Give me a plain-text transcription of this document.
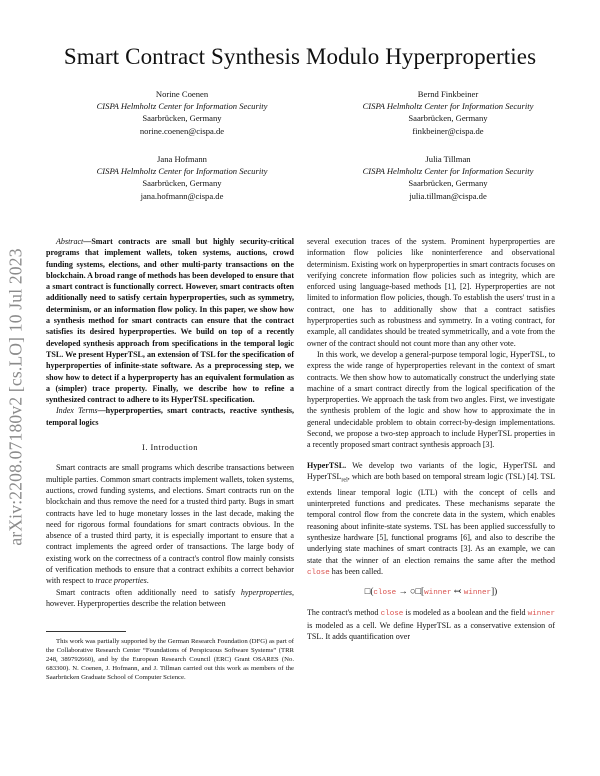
Smart Contract Synthesis Modulo Hyperproperties
Norine Coenen
CISPA Helmholtz Center for Information Security
Saarbrücken, Germany
norine.coenen@cispa.de
Bernd Finkbeiner
CISPA Helmholtz Center for Information Security
Saarbrücken, Germany
finkbeiner@cispa.de
Jana Hofmann
CISPA Helmholtz Center for Information Security
Saarbrücken, Germany
jana.hofmann@cispa.de
Julia Tillman
CISPA Helmholtz Center for Information Security
Saarbrücken, Germany
julia.tillman@cispa.de
arXiv:2208.07180v2 [cs.LO] 10 Jul 2023

Abstract—Smart contracts are small but highly security-critical programs that implement wallets, token systems, auctions, crowd funding systems, elections, and other multi-party transactions on the blockchain. A broad range of methods has been developed to ensure that a smart contract is functionally correct. However, smart contracts often additionally need to satisfy certain hyperproperties, such as symmetry, determinism, or an information flow policy. In this paper, we show how a synthesis method for smart contracts can ensure that the contract satisfies its desired hyperproperties. We build on top of a recently developed synthesis approach from specifications in the temporal logic TSL. We present HyperTSL, an extension of TSL for the specification of hyperproperties of infinite-state software. As a preprocessing step, we show how to detect if a hyperproperty has an equivalent formulation as a (simpler) trace property. Finally, we describe how to refine a synthesized contract to adhere to its HyperTSL specification.

Index Terms—hyperproperties, smart contracts, reactive synthesis, temporal logics

I. Introduction

Smart contracts are small programs which describe transactions between multiple parties. Common smart contracts implement wallets, token systems, auctions, crowd funding systems, and elections. Smart contracts run on the blockchain and thus remove the need for a trusted third party. Bugs in smart contracts have led to huge monetary losses in the last decade, making the need for rigorous formal foundations for smart contracts obvious. In the absence of a trusted third party, it is especially important to ensure that a contract implements the agreed order of transactions. The large body of existing work on the correctness of a contract's control flow mainly consists of verification methods to ensure that a contract exhibits a correct behavior with respect to trace properties.

Smart contracts often additionally need to satisfy hyperproperties, however. Hyperproperties describe the relation between

This work was partially supported by the German Research Foundation (DFG) as part of the Collaborative Research Center “Foundations of Perspicuous Software Systems” (TRR 248, 389792660), and by the European Research Council (ERC) Grant OSARES (No. 683300). N. Coenen, J. Hofmann, and J. Tillman carried out this work as members of the Saarbrücken Graduate School of Computer Science.

several execution traces of the system. Prominent hyperproperties are information flow policies like noninterference and observational determinism. Existing work on hyperproperties in smart contracts focuses on verifying concrete information flow policies such as integrity, which are enforced using language-based methods [1], [2]. Hyperproperties are not limited to information flow policies, though. To establish the users' trust in a contract, one has to additionally show that a contract satisfies hyperproperties such as robustness and symmetry. In a voting contract, for example, all candidates should be treated symmetrically, and a vote from the owner of the contract should not count more than any other vote.

In this work, we develop a general-purpose temporal logic, HyperTSL, to express the wide range of hyperproperties relevant in the context of smart contracts. We then show how to automatically construct the underlying state machine of a smart contract directly from the logical specification of the hyperproperties. We approach the task from two angles. First, we investigate the synthesis problem of the logic and show how to approximate the in general undecidable problem to obtain correct-by-design implementations. Second, we propose a two-step approach to include HyperTSL properties in a recently proposed smart contract synthesis approach [3].

HyperTSL. We develop two variants of the logic, HyperTSL and HyperTSL$_{rel}$, which are both based on temporal stream logic (TSL) [4]. TSL extends linear temporal logic (LTL) with the concept of cells and uninterpreted functions and predicates. These mechanisms separate the temporal control flow from the concrete data in the system, which enables reasoning about infinite-state systems. TSL has been applied successfully to synthesize hardware [5], functional programs [6], and also to describe the underlying state machines of smart contracts [3]. As an example, we can state that the winner of an election remains the same after the method close has been called.

□(close → ○□[winner ↢ winner])

The contract's method close is modeled as a boolean and the field winner is modeled as a cell. We define HyperTSL as a conservative extension of TSL. It adds quantification over
